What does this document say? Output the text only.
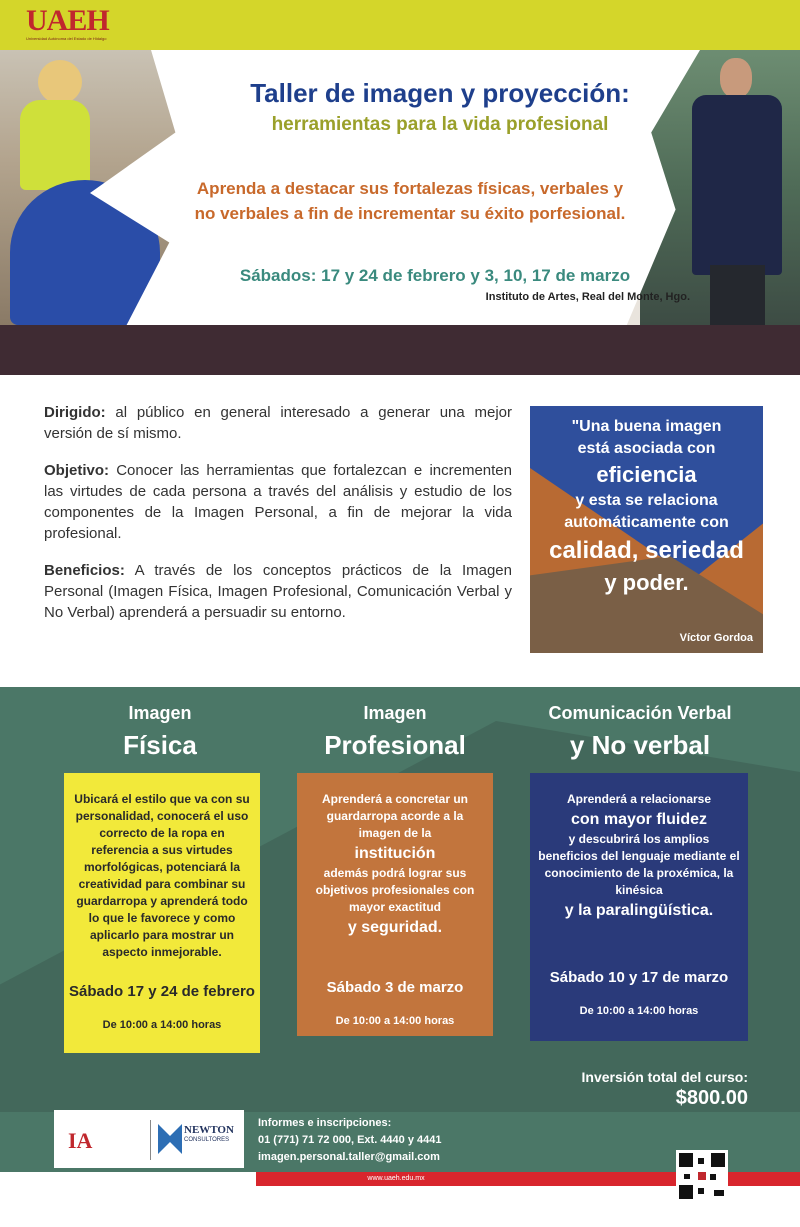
UAEH
Universidad Autónoma del Estado de Hidalgo
Taller de imagen y proyección:
herramientas para la vida profesional
Aprenda a destacar sus fortalezas físicas, verbales y
no verbales a fin de incrementar su éxito porfesional.
Sábados: 17 y 24 de febrero y 3, 10, 17 de marzo
Instituto de Artes, Real del Monte, Hgo.

Dirigido: al público en general interesado a generar una mejor versión de sí mismo.

Objetivo: Conocer las herramientas que fortalezcan e incrementen las virtudes de cada persona a través del análisis y estudio de los componentes de la Imagen Personal, a fin de mejorar la vida profesional.

Beneficios: A través de los conceptos prácticos de la Imagen Personal (Imagen Física, Imagen Profesional, Comunicación Verbal y No Verbal) aprenderá a persuadir su entorno.

"Una buena imagen
está asociada con
eficiencia
y esta se relaciona
automáticamente con
calidad, seriedad
y poder.
Víctor Gordoa
Imagen
Física
Imagen
Profesional
Comunicación Verbal
y No verbal
Ubicará el estilo que va con su personalidad, conocerá el uso correcto de la ropa en referencia a sus virtudes morfológicas, potenciará la creatividad para combinar su guardarropa y aprenderá todo lo que le favorece y como aplicarlo para mostrar un aspecto inmejorable.
Sábado 17 y 24 de febrero
De 10:00 a 14:00 horas
Aprenderá a concretar un guardarropa acorde a la imagen de la
institución
además podrá lograr sus objetivos profesionales con mayor exactitud
y seguridad.
Sábado 3 de marzo
De 10:00 a 14:00 horas
Aprenderá a relacionarse
con mayor fluidez
y descubrirá los amplios beneficios del lenguaje mediante el conocimiento de la proxémica, la kinésica
y la paralingüística.
Sábado 10 y 17 de marzo
De 10:00 a 14:00 horas
Inversión total del curso:
$800.00
IA	NEWTON
CONSULTORES
Informes e inscripciones:
01 (771) 71 72 000, Ext. 4440 y 4441
imagen.personal.taller@gmail.com
www.uaeh.edu.mx
